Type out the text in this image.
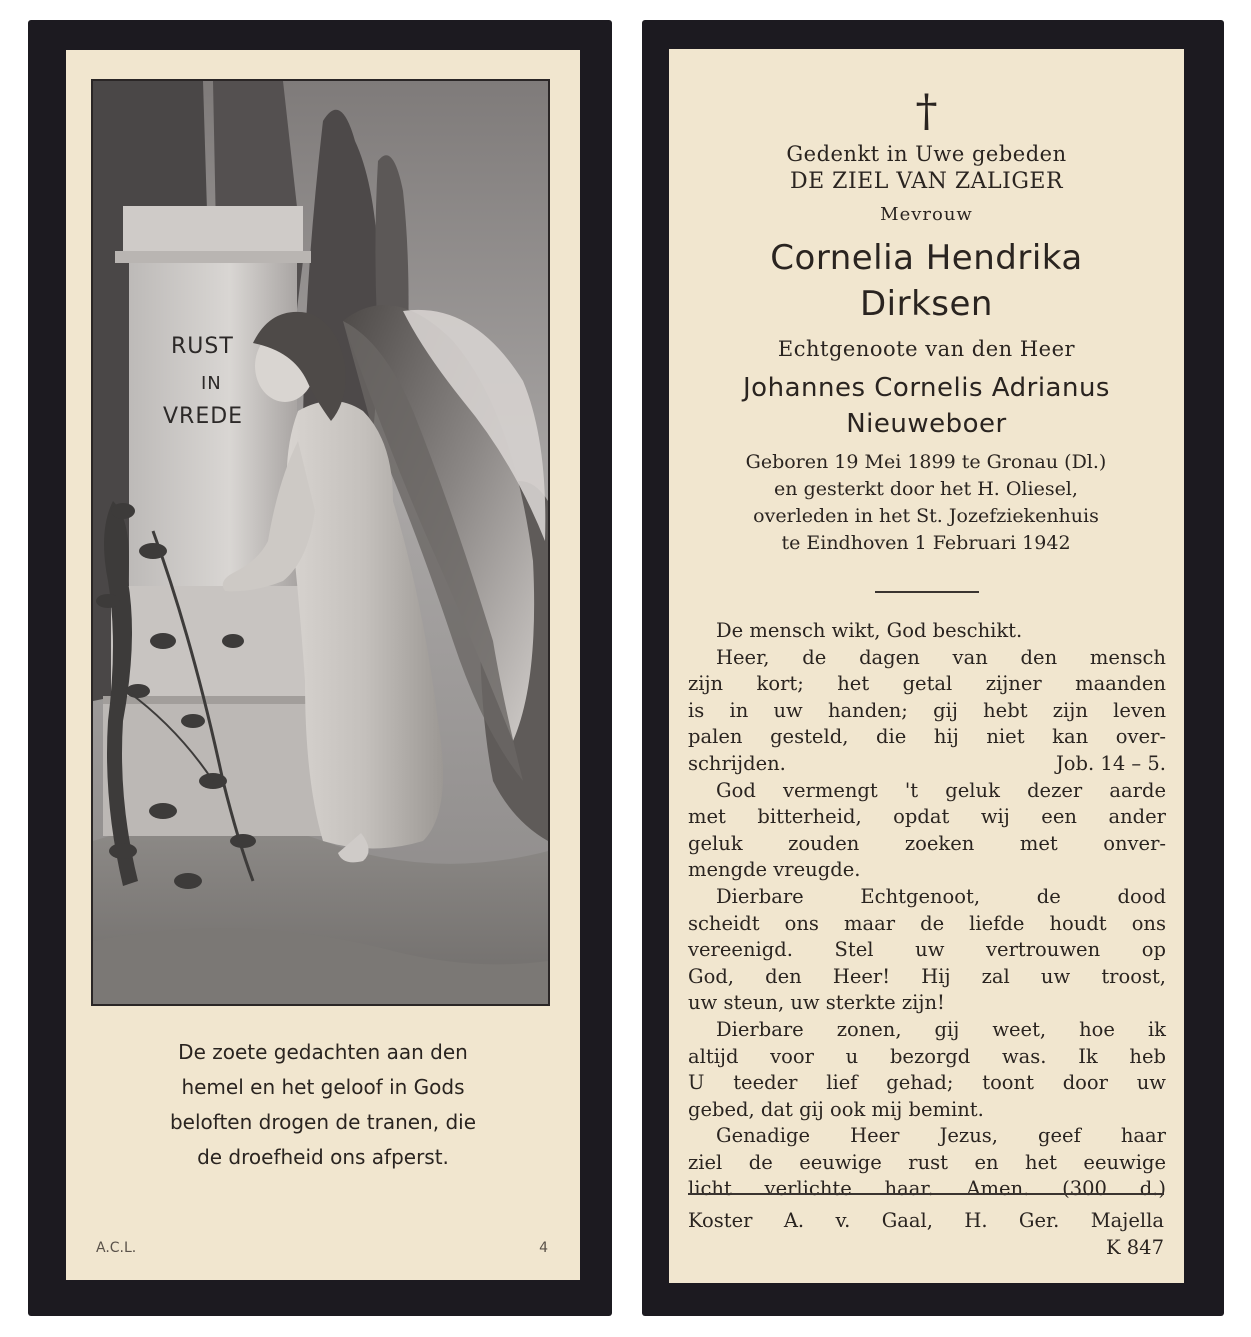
RUST
IN
VREDE
De zoete gedachten aan den
hemel en het geloof in Gods
beloften drogen de tranen, die
de droefheid ons afperst.
A.C.L.	4
†
Gedenkt in Uwe gebeden
DE ZIEL VAN ZALIGER
Mevrouw
Cornelia Hendrika
Dirksen
Echtgenoote van den Heer
Johannes Cornelis Adrianus
Nieuweboer
Geboren 19 Mei 1899 te Gronau (Dl.)
en gesterkt door het H. Oliesel,
overleden in het St. Jozefziekenhuis
te Eindhoven 1 Februari 1942
De mensch wikt, God beschikt.
Heer, de dagen van den mensch
zijn kort; het getal zijner maanden
is in uw handen; gij hebt zijn leven
palen gesteld, die hij niet kan over-
schrijden.	Job. 14 – 5.
God vermengt 't geluk dezer aarde
met bitterheid, opdat wij een ander
geluk zouden zoeken met onver-
mengde vreugde.
Dierbare Echtgenoot, de dood
scheidt ons maar de liefde houdt ons
vereenigd. Stel uw vertrouwen op
God, den Heer! Hij zal uw troost,
uw steun, uw sterkte zijn!
Dierbare zonen, gij weet, hoe ik
altijd voor u bezorgd was. Ik heb
U teeder lief gehad; toont door uw
gebed, dat gij ook mij bemint.
Genadige Heer Jezus, geef haar
ziel de eeuwige rust en het eeuwige
licht verlichte haar. Amen. (300 d.)
Koster A. v. Gaal, H. Ger. Majella
K 847
